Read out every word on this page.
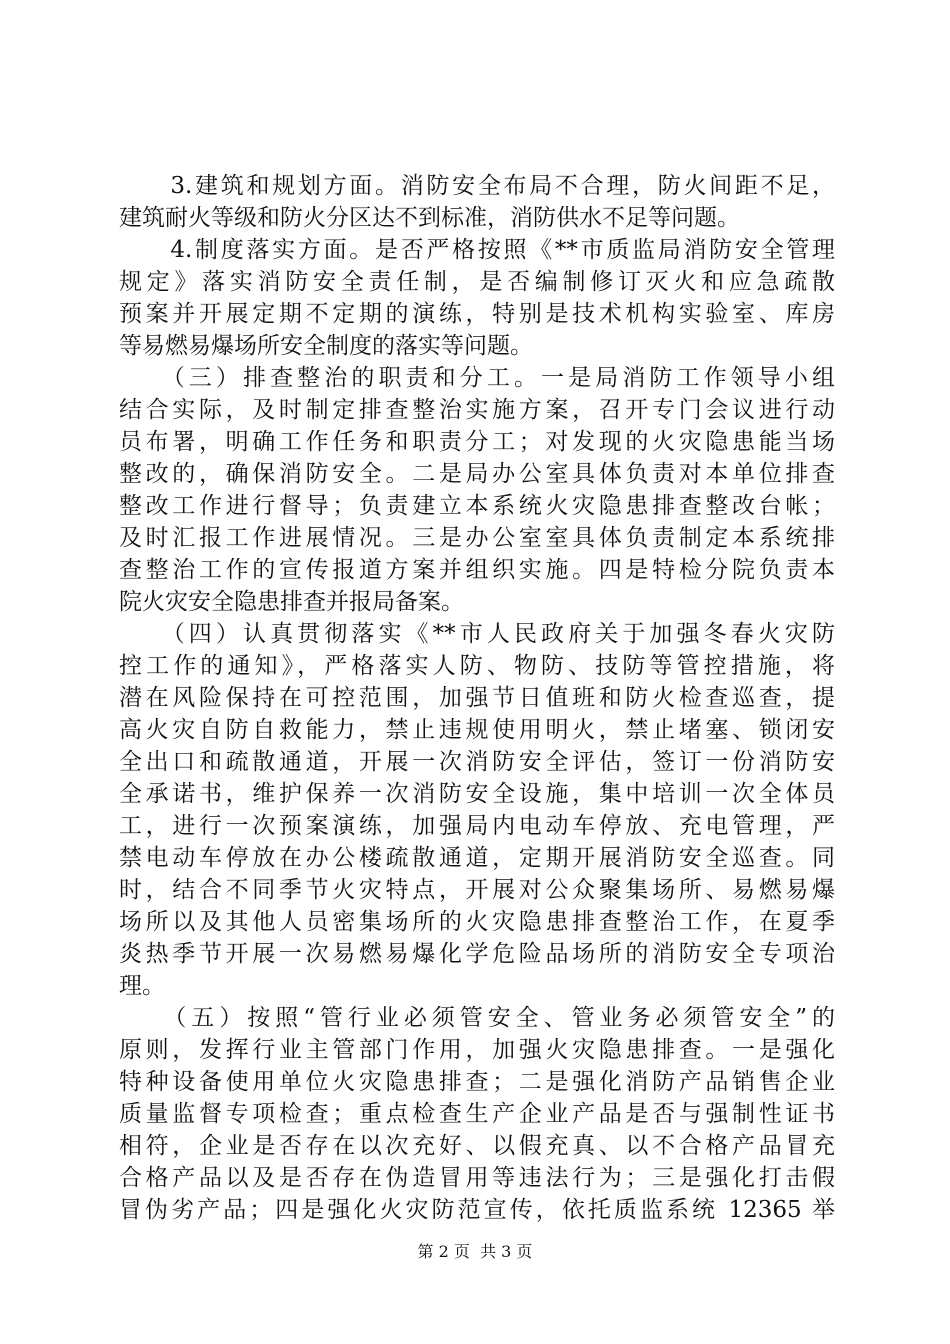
　　3.建筑和规划方面。消防安全布局不合理，防火间距不足，
建筑耐火等级和防火分区达不到标准，消防供水不足等问题。
　　4.制度落实方面。是否严格按照《**市质监局消防安全管理
规定》落实消防安全责任制，是否编制修订灭火和应急疏散
预案并开展定期不定期的演练，特别是技术机构实验室、库房
等易燃易爆场所安全制度的落实等问题。
　　（三）排查整治的职责和分工。一是局消防工作领导小组
结合实际，及时制定排查整治实施方案，召开专门会议进行动
员布署，明确工作任务和职责分工；对发现的火灾隐患能当场
整改的，确保消防安全。二是局办公室具体负责对本单位排查
整改工作进行督导；负责建立本系统火灾隐患排查整改台帐；
及时汇报工作进展情况。三是办公室室具体负责制定本系统排
查整治工作的宣传报道方案并组织实施。四是特检分院负责本
院火灾安全隐患排查并报局备案。
　　（四）认真贯彻落实《**市人民政府关于加强冬春火灾防
控工作的通知》，严格落实人防、物防、技防等管控措施，将
潜在风险保持在可控范围，加强节日值班和防火检查巡查，提
高火灾自防自救能力，禁止违规使用明火，禁止堵塞、锁闭安
全出口和疏散通道，开展一次消防安全评估，签订一份消防安
全承诺书，维护保养一次消防安全设施，集中培训一次全体员
工，进行一次预案演练，加强局内电动车停放、充电管理，严
禁电动车停放在办公楼疏散通道，定期开展消防安全巡查。同
时，结合不同季节火灾特点，开展对公众聚集场所、易燃易爆
场所以及其他人员密集场所的火灾隐患排查整治工作，在夏季
炎热季节开展一次易燃易爆化学危险品场所的消防安全专项治
理。
　　（五）按照“管行业必须管安全、管业务必须管安全”的
原则，发挥行业主管部门作用，加强火灾隐患排查。一是强化
特种设备使用单位火灾隐患排查；二是强化消防产品销售企业
质量监督专项检查；重点检查生产企业产品是否与强制性证书
相符，企业是否存在以次充好、以假充真、以不合格产品冒充
合格产品以及是否存在伪造冒用等违法行为；三是强化打击假
冒伪劣产品；四是强化火灾防范宣传，依托质监系统 12365 举
第 2 页  共 3 页
